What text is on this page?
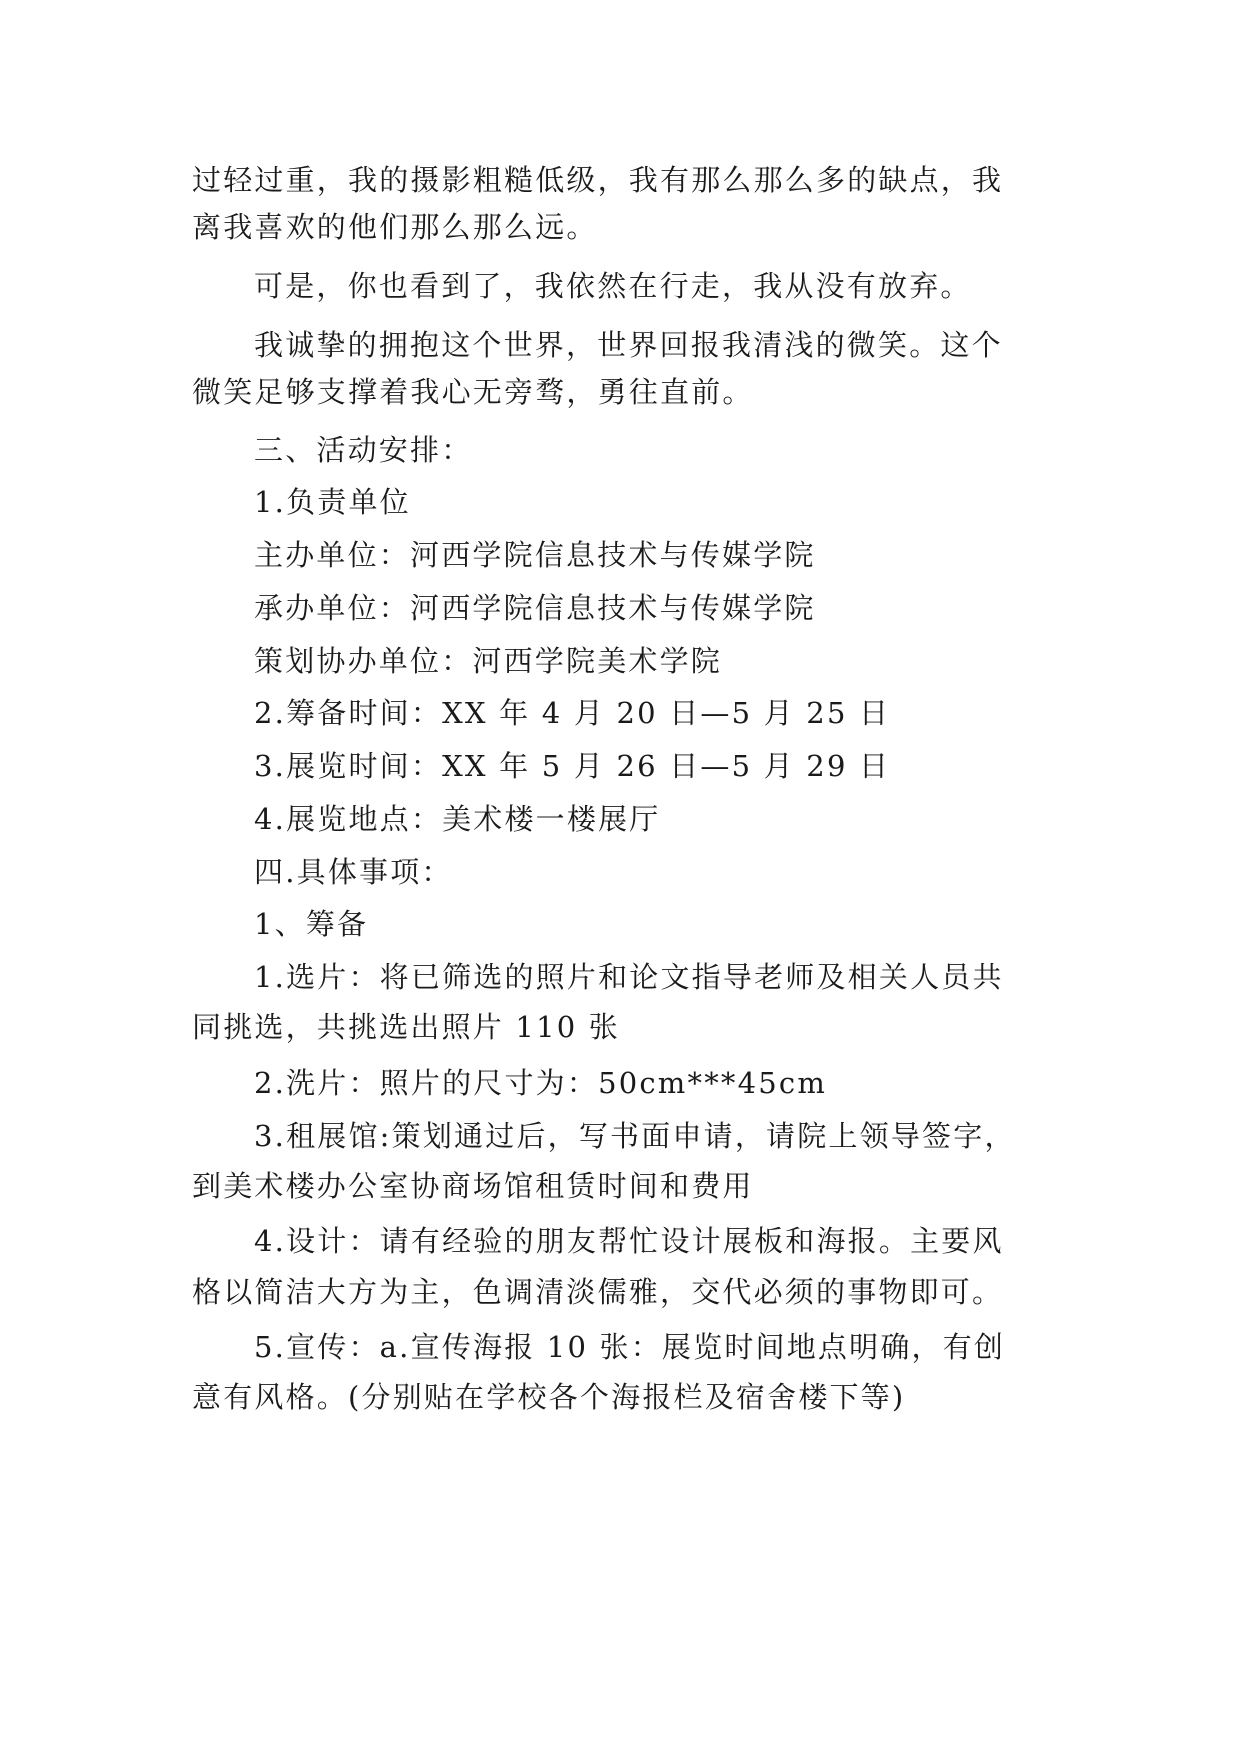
过轻过重，我的摄影粗糙低级，我有那么那么多的缺点，我
离我喜欢的他们那么那么远。
可是，你也看到了，我依然在行走，我从没有放弃。
我诚挚的拥抱这个世界，世界回报我清浅的微笑。这个
微笑足够支撑着我心无旁骛，勇往直前。
三、活动安排：
1.负责单位
主办单位：河西学院信息技术与传媒学院
承办单位：河西学院信息技术与传媒学院
策划协办单位：河西学院美术学院
2.筹备时间：XX 年 4 月 20 日—5 月 25 日
3.展览时间：XX 年 5 月 26 日—5 月 29 日
4.展览地点：美术楼一楼展厅
四.具体事项：
1、筹备
1.选片：将已筛选的照片和论文指导老师及相关人员共
同挑选，共挑选出照片 110 张
2.洗片：照片的尺寸为：50cm***45cm
3.租展馆:策划通过后，写书面申请，请院上领导签字，
到美术楼办公室协商场馆租赁时间和费用
4.设计：请有经验的朋友帮忙设计展板和海报。主要风
格以简洁大方为主，色调清淡儒雅，交代必须的事物即可。
5.宣传：a.宣传海报 10 张：展览时间地点明确，有创
意有风格。(分别贴在学校各个海报栏及宿舍楼下等)
